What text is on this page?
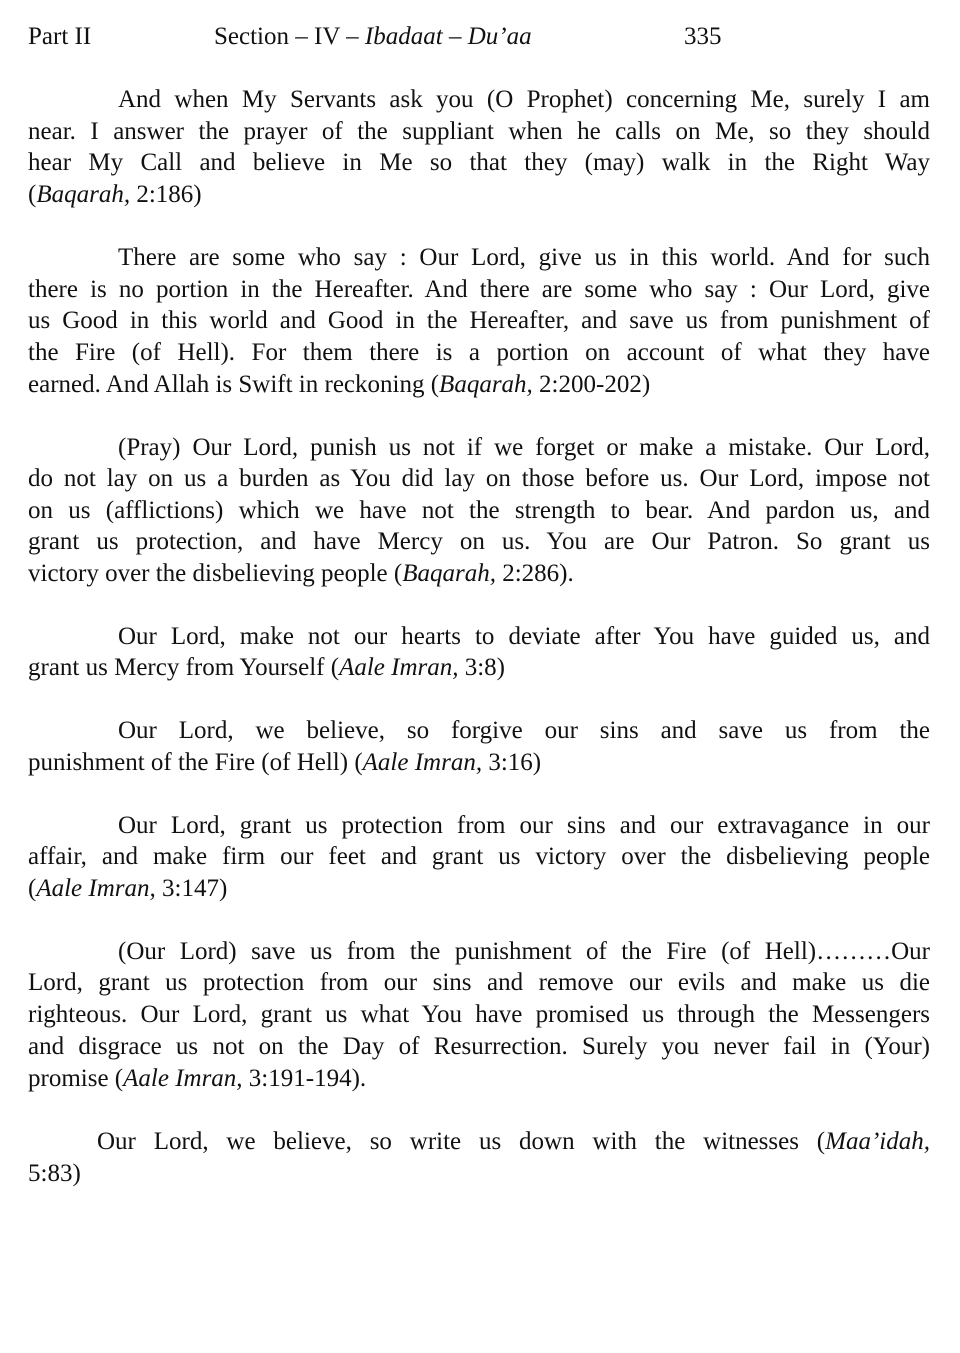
Part II	Section – IV – Ibadaat – Du’aa	335
And when My Servants ask you (O Prophet) concerning Me, surely I am
near. I answer the prayer of the suppliant when he calls on Me, so they should
hear My Call and believe in Me so that they (may) walk in the Right Way
(Baqarah, 2:186)
There are some who say : Our Lord, give us in this world. And for such
there is no portion in the Hereafter. And there are some who say : Our Lord, give
us Good in this world and Good in the Hereafter, and save us from punishment of
the Fire (of Hell). For them there is a portion on account of what they have
earned. And Allah is Swift in reckoning (Baqarah, 2:200-202)
(Pray) Our Lord, punish us not if we forget or make a mistake. Our Lord,
do not lay on us a burden as You did lay on those before us. Our Lord, impose not
on us (afflictions) which we have not the strength to bear. And pardon us, and
grant us protection, and have Mercy on us. You are Our Patron. So grant us
victory over the disbelieving people (Baqarah, 2:286).
Our Lord, make not our hearts to deviate after You have guided us, and
grant us Mercy from Yourself (Aale Imran, 3:8)
Our Lord, we believe, so forgive our sins and save us from the
punishment of the Fire (of Hell) (Aale Imran, 3:16)
Our Lord, grant us protection from our sins and our extravagance in our
affair, and make firm our feet and grant us victory over the disbelieving people
(Aale Imran, 3:147)
(Our Lord) save us from the punishment of the Fire (of Hell)………Our
Lord, grant us protection from our sins and remove our evils and make us die
righteous. Our Lord, grant us what You have promised us through the Messengers
and disgrace us not on the Day of Resurrection. Surely you never fail in (Your)
promise (Aale Imran, 3:191-194).
Our Lord, we believe, so write us down with the witnesses (Maa’idah,
5:83)
